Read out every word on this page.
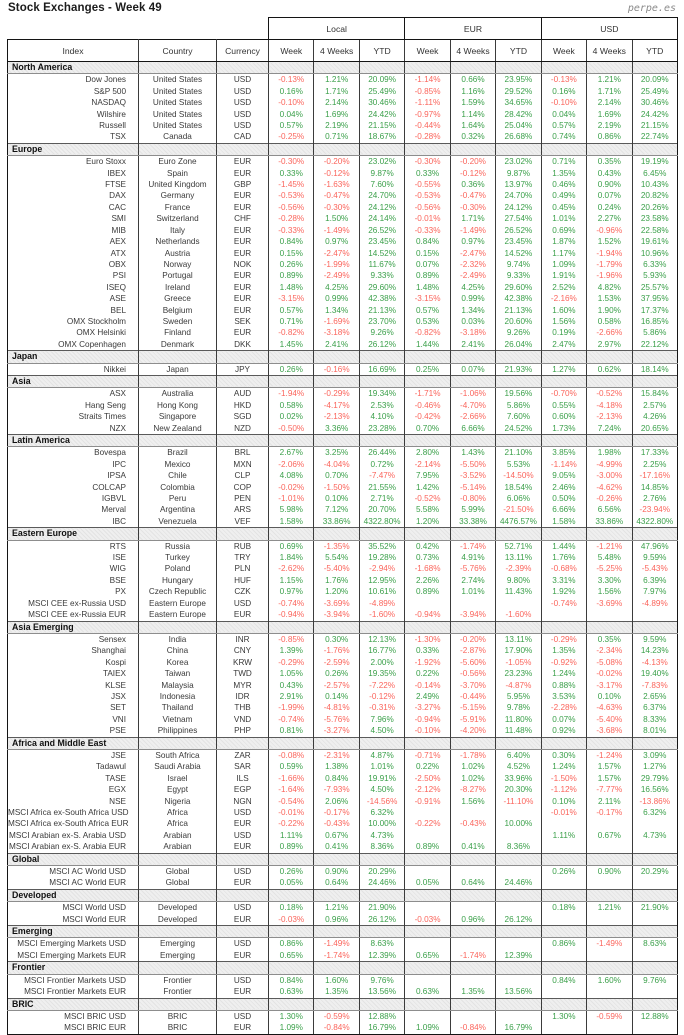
Stock Exchanges - Week 49	perpe.es
			Local			EUR			USD		
Index	Country	Currency	Week	4 Weeks	YTD	Week	4 Weeks	YTD	Week	4 Weeks	YTD
North America											
Dow Jones	United States	USD	-0.13%	1.21%	20.09%	-1.14%	0.66%	23.95%	-0.13%	1.21%	20.09%
S&P 500	United States	USD	0.16%	1.71%	25.49%	-0.85%	1.16%	29.52%	0.16%	1.71%	25.49%
NASDAQ	United States	USD	-0.10%	2.14%	30.46%	-1.11%	1.59%	34.65%	-0.10%	2.14%	30.46%
Wilshire	United States	USD	0.04%	1.69%	24.42%	-0.97%	1.14%	28.42%	0.04%	1.69%	24.42%
Russell	United States	USD	0.57%	2.19%	21.15%	-0.44%	1.64%	25.04%	0.57%	2.19%	21.15%
TSX	Canada	CAD	-0.25%	0.71%	18.67%	-0.28%	0.32%	26.68%	0.74%	0.86%	22.74%
Europe											
Euro Stoxx	Euro Zone	EUR	-0.30%	-0.20%	23.02%	-0.30%	-0.20%	23.02%	0.71%	0.35%	19.19%
IBEX	Spain	EUR	0.33%	-0.12%	9.87%	0.33%	-0.12%	9.87%	1.35%	0.43%	6.45%
FTSE	United Kingdom	GBP	-1.45%	-1.63%	7.60%	-0.55%	0.36%	13.97%	0.46%	0.90%	10.43%
DAX	Germany	EUR	-0.53%	-0.47%	24.70%	-0.53%	-0.47%	24.70%	0.49%	0.07%	20.82%
CAC	France	EUR	-0.56%	-0.30%	24.12%	-0.56%	-0.30%	24.12%	0.45%	0.24%	20.26%
SMI	Switzerland	CHF	-0.28%	1.50%	24.14%	-0.01%	1.71%	27.54%	1.01%	2.27%	23.58%
MIB	Italy	EUR	-0.33%	-1.49%	26.52%	-0.33%	-1.49%	26.52%	0.69%	-0.96%	22.58%
AEX	Netherlands	EUR	0.84%	0.97%	23.45%	0.84%	0.97%	23.45%	1.87%	1.52%	19.61%
ATX	Austria	EUR	0.15%	-2.47%	14.52%	0.15%	-2.47%	14.52%	1.17%	-1.94%	10.96%
OBX	Norway	NOK	0.26%	-1.99%	11.67%	0.07%	-2.32%	9.74%	1.09%	-1.79%	6.33%
PSI	Portugal	EUR	0.89%	-2.49%	9.33%	0.89%	-2.49%	9.33%	1.91%	-1.96%	5.93%
ISEQ	Ireland	EUR	1.48%	4.25%	29.60%	1.48%	4.25%	29.60%	2.52%	4.82%	25.57%
ASE	Greece	EUR	-3.15%	0.99%	42.38%	-3.15%	0.99%	42.38%	-2.16%	1.53%	37.95%
BEL	Belgium	EUR	0.57%	1.34%	21.13%	0.57%	1.34%	21.13%	1.60%	1.90%	17.37%
OMX Stockholm	Sweden	SEK	0.71%	-1.69%	23.70%	0.53%	0.03%	20.60%	1.56%	0.58%	16.85%
OMX Helsinki	Finland	EUR	-0.82%	-3.18%	9.26%	-0.82%	-3.18%	9.26%	0.19%	-2.66%	5.86%
OMX Copenhagen	Denmark	DKK	1.45%	2.41%	26.12%	1.44%	2.41%	26.04%	2.47%	2.97%	22.12%
Japan											
Nikkei	Japan	JPY	0.26%	-0.16%	16.69%	0.25%	0.07%	21.93%	1.27%	0.62%	18.14%
Asia											
ASX	Australia	AUD	-1.94%	-0.29%	19.34%	-1.71%	-1.06%	19.56%	-0.70%	-0.52%	15.84%
Hang Seng	Hong Kong	HKD	0.58%	-4.17%	2.53%	-0.46%	-4.70%	5.86%	0.55%	-4.18%	2.57%
Straits Times	Singapore	SGD	0.02%	-2.13%	4.10%	-0.42%	-2.66%	7.60%	0.60%	-2.13%	4.26%
NZX	New Zealand	NZD	-0.50%	3.36%	23.28%	0.70%	6.66%	24.52%	1.73%	7.24%	20.65%
Latin America											
Bovespa	Brazil	BRL	2.67%	3.25%	26.44%	2.80%	1.43%	21.10%	3.85%	1.98%	17.33%
IPC	Mexico	MXN	-2.06%	-4.04%	0.72%	-2.14%	-5.50%	5.53%	-1.14%	-4.99%	2.25%
IPSA	Chile	CLP	4.08%	0.70%	-7.47%	7.95%	-3.52%	-14.50%	9.05%	-3.00%	-17.16%
COLCAP	Colombia	COP	-0.02%	-1.50%	21.55%	1.42%	-5.14%	18.54%	2.46%	-4.62%	14.85%
IGBVL	Peru	PEN	-1.01%	0.10%	2.71%	-0.52%	-0.80%	6.06%	0.50%	-0.26%	2.76%
Merval	Argentina	ARS	5.98%	7.12%	20.70%	5.58%	5.99%	-21.50%	6.66%	6.56%	-23.94%
IBC	Venezuela	VEF	1.58%	33.86%	4322.80%	1.20%	33.38%	4476.57%	1.58%	33.86%	4322.80%
Eastern Europe											
RTS	Russia	RUB	0.69%	-1.35%	35.52%	0.42%	-1.74%	52.71%	1.44%	-1.21%	47.96%
ISE	Turkey	TRY	1.84%	5.54%	19.28%	0.73%	4.91%	13.11%	1.76%	5.48%	9.59%
WIG	Poland	PLN	-2.62%	-5.40%	-2.94%	-1.68%	-5.76%	-2.39%	-0.68%	-5.25%	-5.43%
BSE	Hungary	HUF	1.15%	1.76%	12.95%	2.26%	2.74%	9.80%	3.31%	3.30%	6.39%
PX	Czech Republic	CZK	0.97%	1.20%	10.61%	0.89%	1.01%	11.43%	1.92%	1.56%	7.97%
MSCI CEE ex-Russia USD	Eastern Europe	USD	-0.74%	-3.69%	-4.89%				-0.74%	-3.69%	-4.89%
MSCI CEE ex-Russia EUR	Eastern Europe	EUR	-0.94%	-3.94%	-1.60%	-0.94%	-3.94%	-1.60%			
Asia Emerging											
Sensex	India	INR	-0.85%	0.30%	12.13%	-1.30%	-0.20%	13.11%	-0.29%	0.35%	9.59%
Shanghai	China	CNY	1.39%	-1.76%	16.77%	0.33%	-2.87%	17.90%	1.35%	-2.34%	14.23%
Kospi	Korea	KRW	-0.29%	-2.59%	2.00%	-1.92%	-5.60%	-1.05%	-0.92%	-5.08%	-4.13%
TAIEX	Taiwan	TWD	1.05%	0.26%	19.35%	0.22%	-0.56%	23.23%	1.24%	-0.02%	19.40%
KLSE	Malaysia	MYR	0.43%	-2.57%	-7.22%	-0.14%	-3.70%	-4.87%	0.88%	-3.17%	-7.83%
JSX	Indonesia	IDR	2.91%	0.14%	-0.12%	2.49%	-0.44%	5.95%	3.53%	0.10%	2.65%
SET	Thailand	THB	-1.99%	-4.81%	-0.31%	-3.27%	-5.15%	9.78%	-2.28%	-4.63%	6.37%
VNI	Vietnam	VND	-0.74%	-5.76%	7.96%	-0.94%	-5.91%	11.80%	0.07%	-5.40%	8.33%
PSE	Philippines	PHP	0.81%	-3.27%	4.50%	-0.10%	-4.20%	11.48%	0.92%	-3.68%	8.01%
Africa and Middle East											
JSE	South Africa	ZAR	-0.08%	-2.31%	4.87%	-0.71%	-1.78%	6.40%	0.30%	-1.24%	3.09%
Tadawul	Saudi Arabia	SAR	0.59%	1.38%	1.01%	0.22%	1.02%	4.52%	1.24%	1.57%	1.27%
TASE	Israel	ILS	-1.66%	0.84%	19.91%	-2.50%	1.02%	33.96%	-1.50%	1.57%	29.79%
EGX	Egypt	EGP	-1.64%	-7.93%	4.50%	-2.12%	-8.27%	20.30%	-1.12%	-7.77%	16.56%
NSE	Nigeria	NGN	-0.54%	2.06%	-14.56%	-0.91%	1.56%	-11.10%	0.10%	2.11%	-13.86%
MSCI Africa ex-South Africa USD	Africa	USD	-0.01%	-0.17%	6.32%				-0.01%	-0.17%	6.32%
MSCI Africa ex-South Africa EUR	Africa	EUR	-0.22%	-0.43%	10.00%	-0.22%	-0.43%	10.00%			
MSCI Arabian ex-S. Arabia USD	Arabian	USD	1.11%	0.67%	4.73%				1.11%	0.67%	4.73%
MSCI Arabian ex-S. Arabia EUR	Arabian	EUR	0.89%	0.41%	8.36%	0.89%	0.41%	8.36%			
Global											
MSCI AC World USD	Global	USD	0.26%	0.90%	20.29%				0.26%	0.90%	20.29%
MSCI AC World EUR	Global	EUR	0.05%	0.64%	24.46%	0.05%	0.64%	24.46%			
Developed											
MSCI World USD	Developed	USD	0.18%	1.21%	21.90%				0.18%	1.21%	21.90%
MSCI World EUR	Developed	EUR	-0.03%	0.96%	26.12%	-0.03%	0.96%	26.12%			
Emerging											
MSCI Emerging Markets USD	Emerging	USD	0.86%	-1.49%	8.63%				0.86%	-1.49%	8.63%
MSCI Emerging Markets EUR	Emerging	EUR	0.65%	-1.74%	12.39%	0.65%	-1.74%	12.39%			
Frontier											
MSCI Frontier Markets USD	Frontier	USD	0.84%	1.60%	9.76%				0.84%	1.60%	9.76%
MSCI Frontier Markets EUR	Frontier	EUR	0.63%	1.35%	13.56%	0.63%	1.35%	13.56%			
BRIC											
MSCI BRIC USD	BRIC	USD	1.30%	-0.59%	12.88%				1.30%	-0.59%	12.88%
MSCI BRIC EUR	BRIC	EUR	1.09%	-0.84%	16.79%	1.09%	-0.84%	16.79%			
